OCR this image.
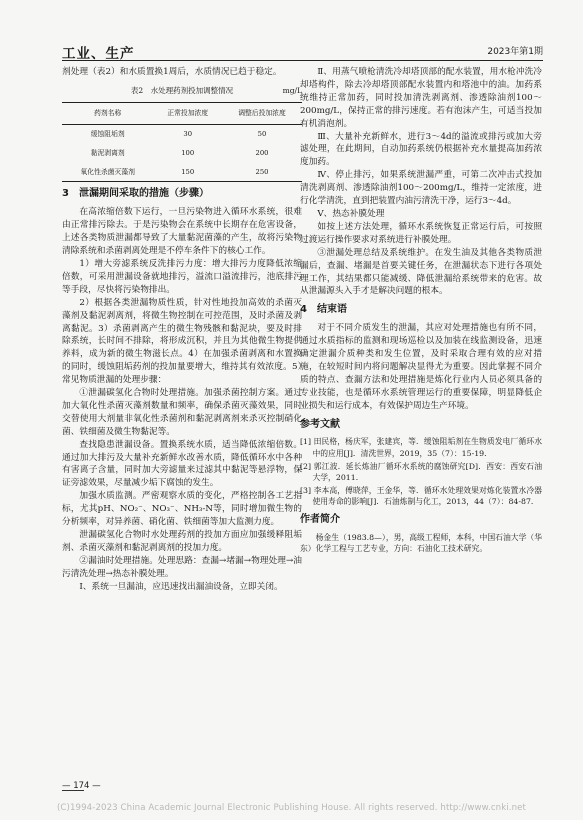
工业、生产	2023年第1期

剂处理（表2）和水质置换1周后，水质情况已趋于稳定。

表2　水处理药剂投加调整情况	mg/L
药剂名称	正常投加浓度	调整后投加浓度
缓蚀阻垢剂	30	50
黏泥剥离剂	100	200
氧化性杀菌灭藻剂	150	250
3　泄漏期间采取的措施（步骤）

在高浓缩倍数下运行，一旦污染物进入循环水系统，很难由正常排污除去。于是污染物会在系统中长期存在危害设备，上述各类物质泄漏都导致了大量黏泥菌藻的产生，故将污染物清除系统和杀菌剥离处理是不停车条件下的核心工作。

1）增大旁滤系统反洗排污力度：增大排污力度降低浓缩倍数，可采用泄漏设备就地排污，溢流口溢流排污，池底排污等手段，尽快将污染物排出。

2）根据各类泄漏物质性质，针对性地投加高效的杀菌灭藻剂及黏泥剥离剂，将微生物控制在可控范围，及时杀菌及剥离黏泥。3）杀菌剥离产生的微生物残骸和黏泥块，要及时排除系统，长时间不排除，将形成沉积，并且为其他微生物提供养料，成为新的微生物滋长点。4）在加强杀菌剥离和水置换的同时，缓蚀阻垢药剂的投加量要增大，维持其有效浓度。5）常见物质泄漏的处理步骤：

①泄漏碳氢化合物时处理措施。加强杀菌控制方案。通过加大氧化性杀菌灭藻剂数量和频率，确保杀菌灭藻效果，同时交替使用大剂量非氧化性杀菌剂和黏泥剥离剂来杀灭控制硝化菌、铁细菌及微生物黏泥等。

查找隐患泄漏设备。置换系统水质，适当降低浓缩倍数。通过加大排污及大量补充新鲜水改善水质，降低循环水中各种有害离子含量，同时加大旁滤量来过滤其中黏泥等悬浮物，保证旁滤效果，尽量减少垢下腐蚀的发生。

加强水质监测。严密观察水质的变化，严格控制各工艺指标，尤其pH、NO₂⁻、NO₃⁻、NH₃-N等，同时增加微生物的分析频率，对异养菌、硝化菌、铁细菌等加大监测力度。

泄漏碳氢化合物时水处理药剂的投加方面应加强缓释阻垢剂、杀菌灭藻剂和黏泥剥离剂的投加力度。

②漏油时处理措施。处理思路：查漏→堵漏→物理处理→油污清洗处理→热态补膜处理。

Ⅰ、系统一旦漏油，应迅速找出漏油设备，立即关闭。

Ⅱ、用蒸气喷枪清洗冷却塔顶部的配水装置，用水枪冲洗冷却塔构件，除去冷却塔顶部配水装置内和塔池中的油。加药系统维持正常加药，同时投加清洗剥离剂、渗透除油剂100～200mg/L，保持正常的排污速度。若有泡沫产生，可适当投加有机消泡剂。

Ⅲ、大量补充新鲜水，进行3～4d的溢流或排污或加大旁滤处理，在此期间，自动加药系统仍根据补充水量提高加药浓度加药。

Ⅳ、停止排污，如果系统泄漏严重，可第二次冲击式投加清洗剥离剂、渗透除油剂100～200mg/L，维持一定浓度，进行化学清洗，直到把装置内油污清洗干净，运行3～4d。

Ⅴ、热态补膜处理

如按上述方法处理，循环水系统恢复正常运行后，可按照过渡运行操作要求对系统进行补膜处理。

③泄漏处理总结及系统维护。在发生油及其他各类物质泄漏后，查漏、堵漏是首要关键任务，在泄漏状态下进行各项处理工作，其结果都只能减缓、降低泄漏给系统带来的危害。故从泄漏源头入手才是解决问题的根本。

4　结束语

对于不同介质发生的泄漏，其应对处理措施也有所不同，通过水质指标的监测和现场巡检以及加装在线监测设备，迅速确定泄漏介质种类和发生位置，及时采取合理有效的应对措施，在较短时间内将问题解决显得尤为重要。因此掌握不同介质的特点、查漏方法和处理措施是炼化行业内人员必须具备的专业技能，也是循环水系统管理运行的重要保障，明显降低企业损失和运行成本，有效保护周边生产环境。

参考文献

[1] 田民格，杨庆军，张建宾，等．缓蚀阻垢剂在生物质发电厂循环水中的应用[J]．清洗世界，2019，35（7）：15-19．

[2] 郭江波．延长炼油厂循环水系统的腐蚀研究[D]．西安：西安石油大学，2011．

[3] 李本高，傅晓萍，王金华，等．循环水处理效果对炼化装置水冷器使用寿命的影响[J]．石油炼制与化工，2013，44（7）：84-87．

作者简介

杨金生（1983.8—），男，高级工程师，本科，中国石油大学（华东）化学工程与工艺专业，方向：石油化工技术研究。

— 174 —
(C)1994-2023 China Academic Journal Electronic Publishing House. All rights reserved. http://www.cnki.net
